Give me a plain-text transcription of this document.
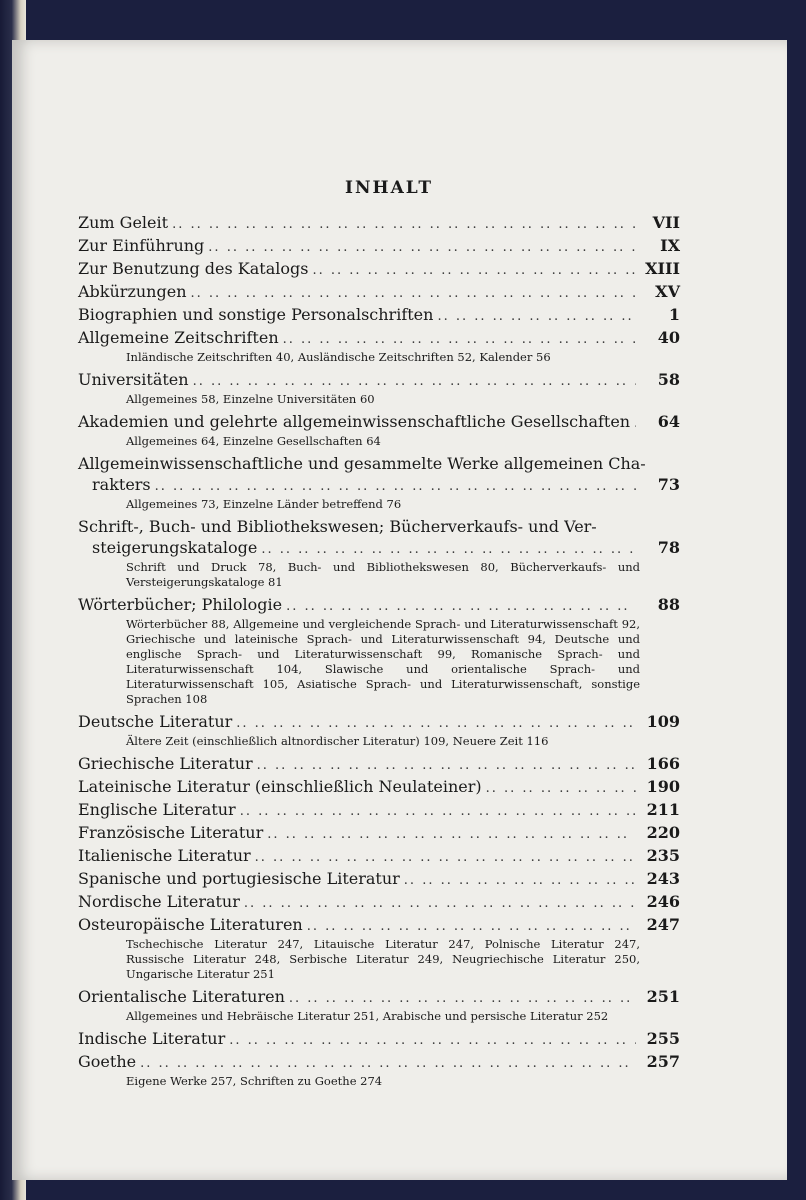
INHALT
Zum Geleit .. ..	VII
Zur Einführung .. ..	IX
Zur Benutzung des Katalogs .. ..	XIII
Abkürzungen .. ..	XV
Biographien und sonstige Personalschriften .. ..	1
Allgemeine Zeitschriften .. ..	40
Inländische Zeitschriften 40, Ausländische Zeitschriften 52, Kalender 56
Universitäten .. ..	58
Allgemeines 58, Einzelne Universitäten 60
Akademien und gelehrte allgemeinwissenschaftliche Gesellschaften .. ..	64
Allgemeines 64, Einzelne Gesellschaften 64
Allgemeinwissenschaftliche und gesammelte Werke allgemeinen Cha-
rakters .. ..	73
Allgemeines 73, Einzelne Länder betreffend 76
Schrift-, Buch- und Bibliothekswesen; Bücherverkaufs- und Ver-
steigerungskataloge .. ..	78
Schrift und Druck 78, Buch- und Bibliothekswesen 80, Bücherverkaufs- und Versteigerungskataloge 81
Wörterbücher; Philologie .. ..	88
Wörterbücher 88, Allgemeine und vergleichende Sprach- und Literaturwissenschaft 92, Griechische und lateinische Sprach- und Literaturwissenschaft 94, Deutsche und englische Sprach- und Literaturwissenschaft 99, Romanische Sprach- und Literaturwissenschaft 104, Slawische und orientalische Sprach- und Literaturwissenschaft 105, Asiatische Sprach- und Literaturwissenschaft, sonstige Sprachen 108
Deutsche Literatur .. ..	109
Ältere Zeit (einschließlich altnordischer Literatur) 109, Neuere Zeit 116
Griechische Literatur .. ..	166
Lateinische Literatur (einschließlich Neulateiner) .. ..	190
Englische Literatur .. ..	211
Französische Literatur .. ..	220
Italienische Literatur .. ..	235
Spanische und portugiesische Literatur .. ..	243
Nordische Literatur .. ..	246
Osteuropäische Literaturen .. ..	247
Tschechische Literatur 247, Litauische Literatur 247, Polnische Literatur 247, Russische Literatur 248, Serbische Literatur 249, Neugriechische Literatur 250, Ungarische Literatur 251
Orientalische Literaturen .. ..	251
Allgemeines und Hebräische Literatur 251, Arabische und persische Literatur 252
Indische Literatur .. ..	255
Goethe .. ..	257
Eigene Werke 257, Schriften zu Goethe 274
